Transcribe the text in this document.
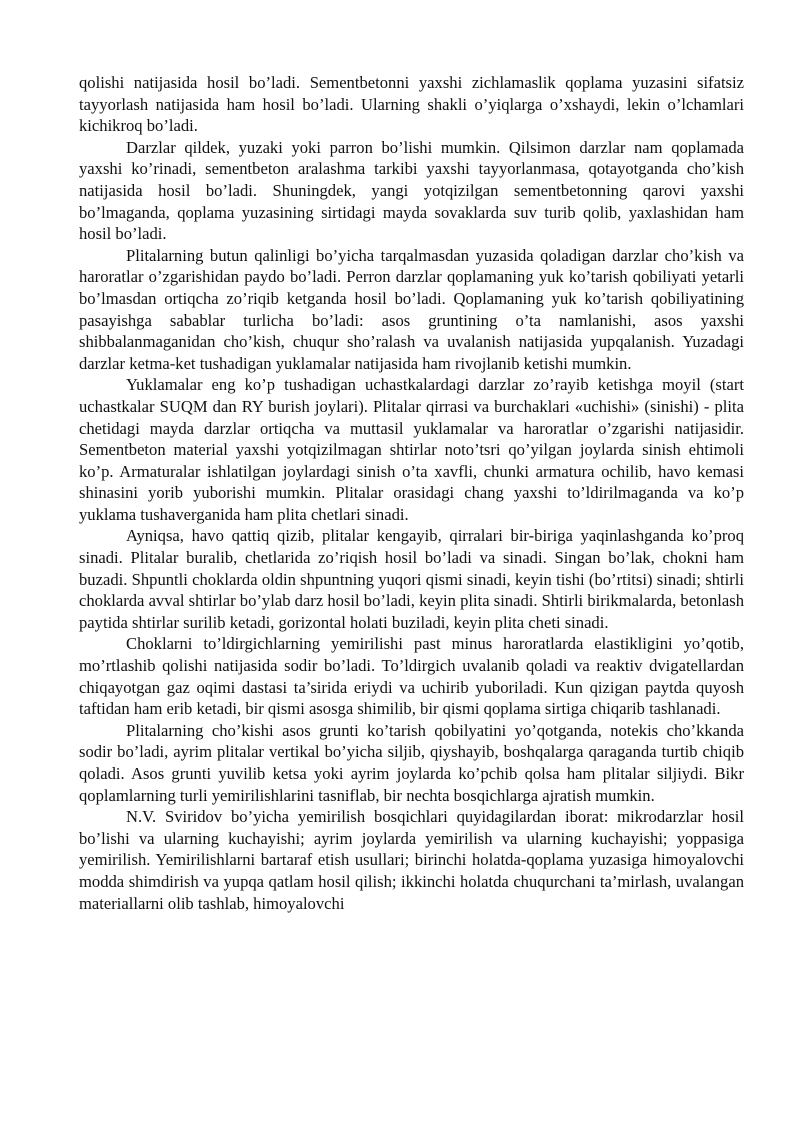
qolishi natijasida hosil bo’ladi. Sementbetonni yaxshi zichlamaslik qoplama yuzasini sifatsiz tayyorlash natijasida ham hosil bo’ladi. Ularning shakli o’yiqlarga o’xshaydi, lekin o’lchamlari kichikroq bo’ladi.

Darzlar qildek, yuzaki yoki parron bo’lishi mumkin. Qilsimon darzlar nam qoplamada yaxshi ko’rinadi, sementbeton aralashma tarkibi yaxshi tayyorlanmasa, qotayotganda cho’kish natijasida hosil bo’ladi. Shuningdek, yangi yotqizilgan sementbetonning qarovi yaxshi bo’lmaganda, qoplama yuzasining sirtidagi mayda sovaklarda suv turib qolib, yaxlashidan ham hosil bo’ladi.

Plitalarning butun qalinligi bo’yicha tarqalmasdan yuzasida qoladigan darzlar cho’kish va haroratlar o’zgarishidan paydo bo’ladi. Perron darzlar qoplamaning yuk ko’tarish qobiliyati yetarli bo’lmasdan ortiqcha zo’riqib ketganda hosil bo’ladi. Qoplamaning yuk ko’tarish qobiliyatining pasayishga sabablar turlicha bo’ladi: asos gruntining o’ta namlanishi, asos yaxshi shibbalanmaganidan cho’kish, chuqur sho’ralash va uvalanish natijasida yupqalanish. Yuzadagi darzlar ketma-ket tushadigan yuklamalar natijasida ham rivojlanib ketishi mumkin.

Yuklamalar eng ko’p tushadigan uchastkalardagi darzlar zo’rayib ketishga moyil (start uchastkalar SUQM dan RY burish joylari). Plitalar qirrasi va burchaklari «uchishi» (sinishi) - plita chetidagi mayda darzlar ortiqcha va muttasil yuklamalar va haroratlar o’zgarishi natijasidir. Sementbeton material yaxshi yotqizilmagan shtirlar noto’tsri qo’yilgan joylarda sinish ehtimoli ko’p. Armaturalar ishlatilgan joylardagi sinish o’ta xavfli, chunki armatura ochilib, havo kemasi shinasini yorib yuborishi mumkin. Plitalar orasidagi chang yaxshi to’ldirilmaganda va ko’p yuklama tushaverganida ham plita chetlari sinadi.

Ayniqsa, havo qattiq qizib, plitalar kengayib, qirralari bir-biriga yaqinlashganda ko’proq sinadi. Plitalar buralib, chetlarida zo’riqish hosil bo’ladi va sinadi. Singan bo’lak, chokni ham buzadi. Shpuntli choklarda oldin shpuntning yuqori qismi sinadi, keyin tishi (bo’rtitsi) sinadi; shtirli choklarda avval shtirlar bo’ylab darz hosil bo’ladi, keyin plita sinadi. Shtirli birikmalarda, betonlash paytida shtirlar surilib ketadi, gorizontal holati buziladi, keyin plita cheti sinadi.

Choklarni to’ldirgichlarning yemirilishi past minus haroratlarda elastikligini yo’qotib, mo’rtlashib qolishi natijasida sodir bo’ladi. To’ldirgich uvalanib qoladi va reaktiv dvigatellardan chiqayotgan gaz oqimi dastasi ta’sirida eriydi va uchirib yuboriladi. Kun qizigan paytda quyosh taftidan ham erib ketadi, bir qismi asosga shimilib, bir qismi qoplama sirtiga chiqarib tashlanadi.

Plitalarning cho’kishi asos grunti ko’tarish qobilyatini yo’qotganda, notekis cho’kkanda sodir bo’ladi, ayrim plitalar vertikal bo’yicha siljib, qiyshayib, boshqalarga qaraganda turtib chiqib qoladi. Asos grunti yuvilib ketsa yoki ayrim joylarda ko’pchib qolsa ham plitalar siljiydi. Bikr qoplamlarning turli yemirilishlarini tasniflab, bir nechta bosqichlarga ajratish mumkin.

N.V. Sviridov bo’yicha yemirilish bosqichlari quyidagilardan iborat: mikrodarzlar hosil bo’lishi va ularning kuchayishi; ayrim joylarda yemirilish va ularning kuchayishi; yoppasiga yemirilish. Yemirilishlarni bartaraf etish usullari; birinchi holatda-qoplama yuzasiga himoyalovchi modda shimdirish va yupqa qatlam hosil qilish; ikkinchi holatda chuqurchani ta’mirlash, uvalangan materiallarni olib tashlab, himoyalovchi
